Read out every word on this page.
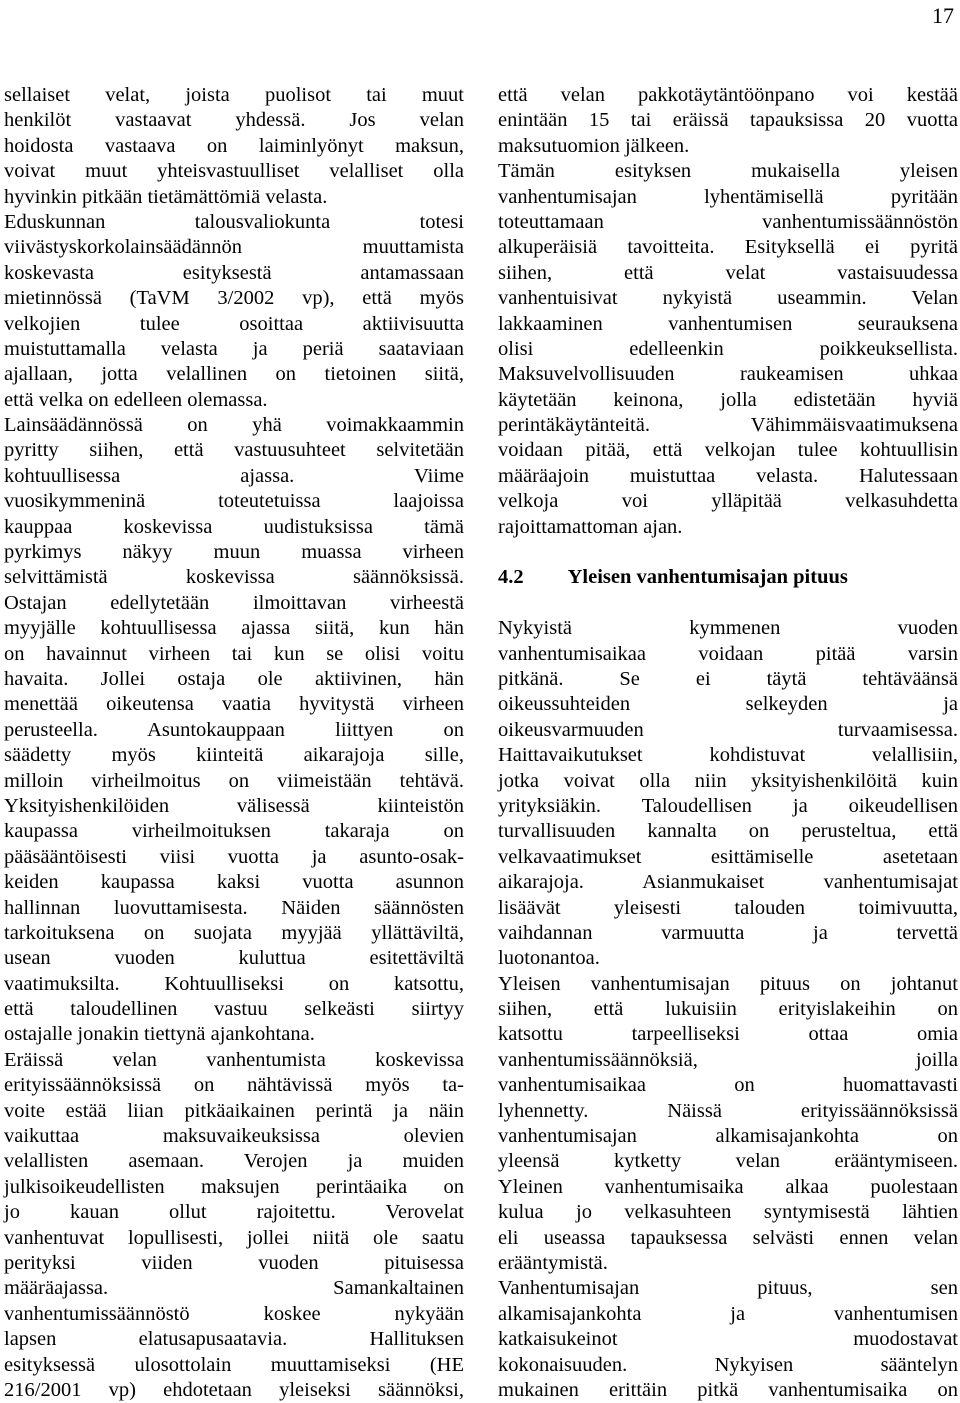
17
sellaiset velat, joista puolisot tai muut
henkilöt vastaavat yhdessä. Jos velan
hoidosta vastaava on laiminlyönyt maksun,
voivat muut yhteisvastuulliset velalliset olla
hyvinkin pitkään tietämättömiä velasta.
Eduskunnan talousvaliokunta totesi
viivästyskorkolainsäädännön muuttamista
koskevasta esityksestä antamassaan
mietinnössä (TaVM 3/2002 vp), että myös
velkojien tulee osoittaa aktiivisuutta
muistuttamalla velasta ja periä saataviaan
ajallaan, jotta velallinen on tietoinen siitä,
että velka on edelleen olemassa.
Lainsäädännössä on yhä voimakkaammin
pyritty siihen, että vastuusuhteet selvitetään
kohtuullisessa ajassa. Viime
vuosikymmeninä toteutetuissa laajoissa
kauppaa koskevissa uudistuksissa tämä
pyrkimys näkyy muun muassa virheen
selvittämistä koskevissa säännöksissä.
Ostajan edellytetään ilmoittavan virheestä
myyjälle kohtuullisessa ajassa siitä, kun hän
on havainnut virheen tai kun se olisi voitu
havaita. Jollei ostaja ole aktiivinen, hän
menettää oikeutensa vaatia hyvitystä virheen
perusteella. Asuntokauppaan liittyen on
säädetty myös kiinteitä aikarajoja sille,
milloin virheilmoitus on viimeistään tehtävä.
Yksityishenkilöiden välisessä kiinteistön
kaupassa virheilmoituksen takaraja on
pääsääntöisesti viisi vuotta ja asunto-osak-
keiden kaupassa kaksi vuotta asunnon
hallinnan luovuttamisesta. Näiden säännösten
tarkoituksena on suojata myyjää yllättäviltä,
usean vuoden kuluttua esitettäviltä
vaatimuksilta. Kohtuulliseksi on katsottu,
että taloudellinen vastuu selkeästi siirtyy
ostajalle jonakin tiettynä ajankohtana.
Eräissä velan vanhentumista koskevissa
erityissäännöksissä on nähtävissä myös ta-
voite estää liian pitkäaikainen perintä ja näin
vaikuttaa maksuvaikeuksissa olevien
velallisten asemaan. Verojen ja muiden
julkisoikeudellisten maksujen perintäaika on
jo kauan ollut rajoitettu. Verovelat
vanhentuvat lopullisesti, jollei niitä ole saatu
perityksi viiden vuoden pituisessa
määräajassa. Samankaltainen
vanhentumissäännöstö koskee nykyään
lapsen elatusapusaatavia. Hallituksen
esityksessä ulosottolain muuttamiseksi (HE
216/2001 vp) ehdotetaan yleiseksi säännöksi,
että velan pakkotäytäntöönpano voi kestää
enintään 15 tai eräissä tapauksissa 20 vuotta
maksutuomion jälkeen.
Tämän esityksen mukaisella yleisen
vanhentumisajan lyhentämisellä pyritään
toteuttamaan vanhentumissäännöstön
alkuperäisiä tavoitteita. Esityksellä ei pyritä
siihen, että velat vastaisuudessa
vanhentuisivat nykyistä useammin. Velan
lakkaaminen vanhentumisen seurauksena
olisi edelleenkin poikkeuksellista.
Maksuvelvollisuuden raukeamisen uhkaa
käytetään keinona, jolla edistetään hyviä
perintäkäytänteitä. Vähimmäisvaatimuksena
voidaan pitää, että velkojan tulee kohtuullisin
määräajoin muistuttaa velasta. Halutessaan
velkoja voi ylläpitää velkasuhdetta
rajoittamattoman ajan.
4.2 Yleisen vanhentumisajan pituus
Nykyistä kymmenen vuoden
vanhentumisaikaa voidaan pitää varsin
pitkänä. Se ei täytä tehtäväänsä
oikeussuhteiden selkeyden ja
oikeusvarmuuden turvaamisessa.
Haittavaikutukset kohdistuvat velallisiin,
jotka voivat olla niin yksityishenkilöitä kuin
yrityksiäkin. Taloudellisen ja oikeudellisen
turvallisuuden kannalta on perusteltua, että
velkavaatimukset esittämiselle asetetaan
aikarajoja. Asianmukaiset vanhentumisajat
lisäävät yleisesti talouden toimivuutta,
vaihdannan varmuutta ja tervettä
luotonantoa.
Yleisen vanhentumisajan pituus on johtanut
siihen, että lukuisiin erityislakeihin on
katsottu tarpeelliseksi ottaa omia
vanhentumissäännöksiä, joilla
vanhentumisaikaa on huomattavasti
lyhennetty. Näissä erityissäännöksissä
vanhentumisajan alkamisajankohta on
yleensä kytketty velan erääntymiseen.
Yleinen vanhentumisaika alkaa puolestaan
kulua jo velkasuhteen syntymisestä lähtien
eli useassa tapauksessa selvästi ennen velan
erääntymistä.
Vanhentumisajan pituus, sen
alkamisajankohta ja vanhentumisen
katkaisukeinot muodostavat
kokonaisuuden. Nykyisen sääntelyn
mukainen erittäin pitkä vanhentumisaika on
